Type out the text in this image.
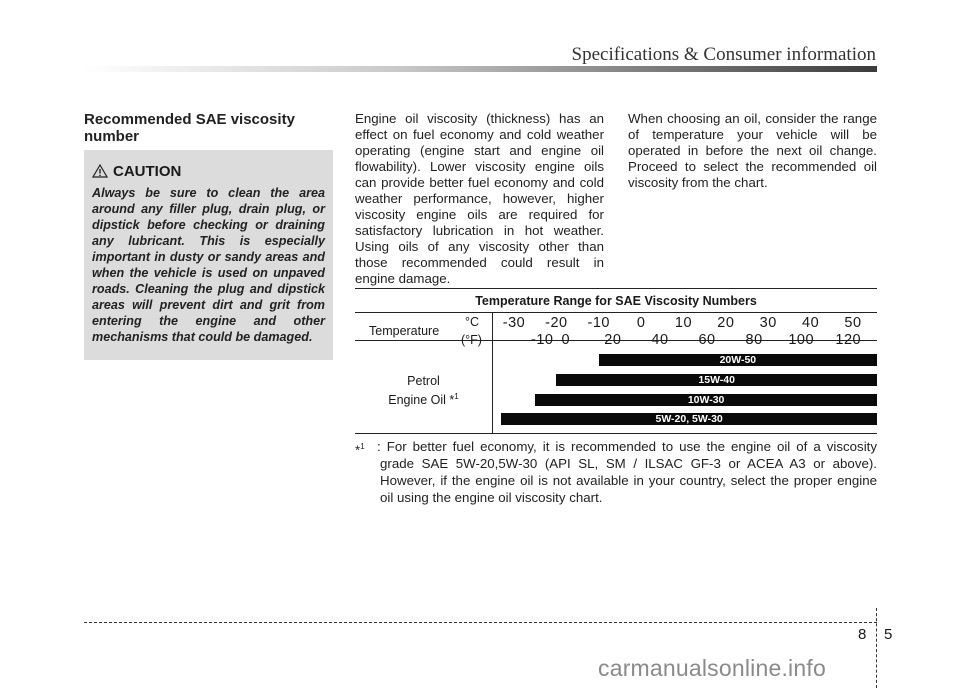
Specifications & Consumer information
Recommended SAE viscosity number
CAUTION
Always be sure to clean the area around any filler plug, drain plug, or dipstick before checking or draining any lubricant. This is especially important in dusty or sandy areas and when the vehicle is used on unpaved roads. Cleaning the plug and dipstick areas will prevent dirt and grit from entering the engine and other mechanisms that could be damaged.
Engine oil viscosity (thickness) has an effect on fuel economy and cold weather operating (engine start and engine oil flowability). Lower viscosity engine oils can provide better fuel economy and cold weather performance, however, higher viscosity engine oils are required for satisfactory lubrication in hot weather. Using oils of any viscosity other than those recommended could result in engine damage.
When choosing an oil, consider the range of temperature your vehicle will be operated in before the next oil change. Proceed to select the recommended oil viscosity from the chart.
Temperature Range for SAE Viscosity Numbers
Temperature
°C
(°F)
Petrol
Engine Oil *$^1$
-30 -20 -10 0 10 20 30 40 50
-10 0 20 40 60 80 100 120
20W-50
15W-40
10W-30
5W-20, 5W-30
*$^1$ : For better fuel economy, it is recommended to use the engine oil of a viscosity grade SAE 5W-20,5W-30 (API SL, SM / ILSAC GF-3 or ACEA A3 or above). However, if the engine oil is not available in your country, select the proper engine oil using the engine oil viscosity chart.
8 5
carmanualsonline.info
